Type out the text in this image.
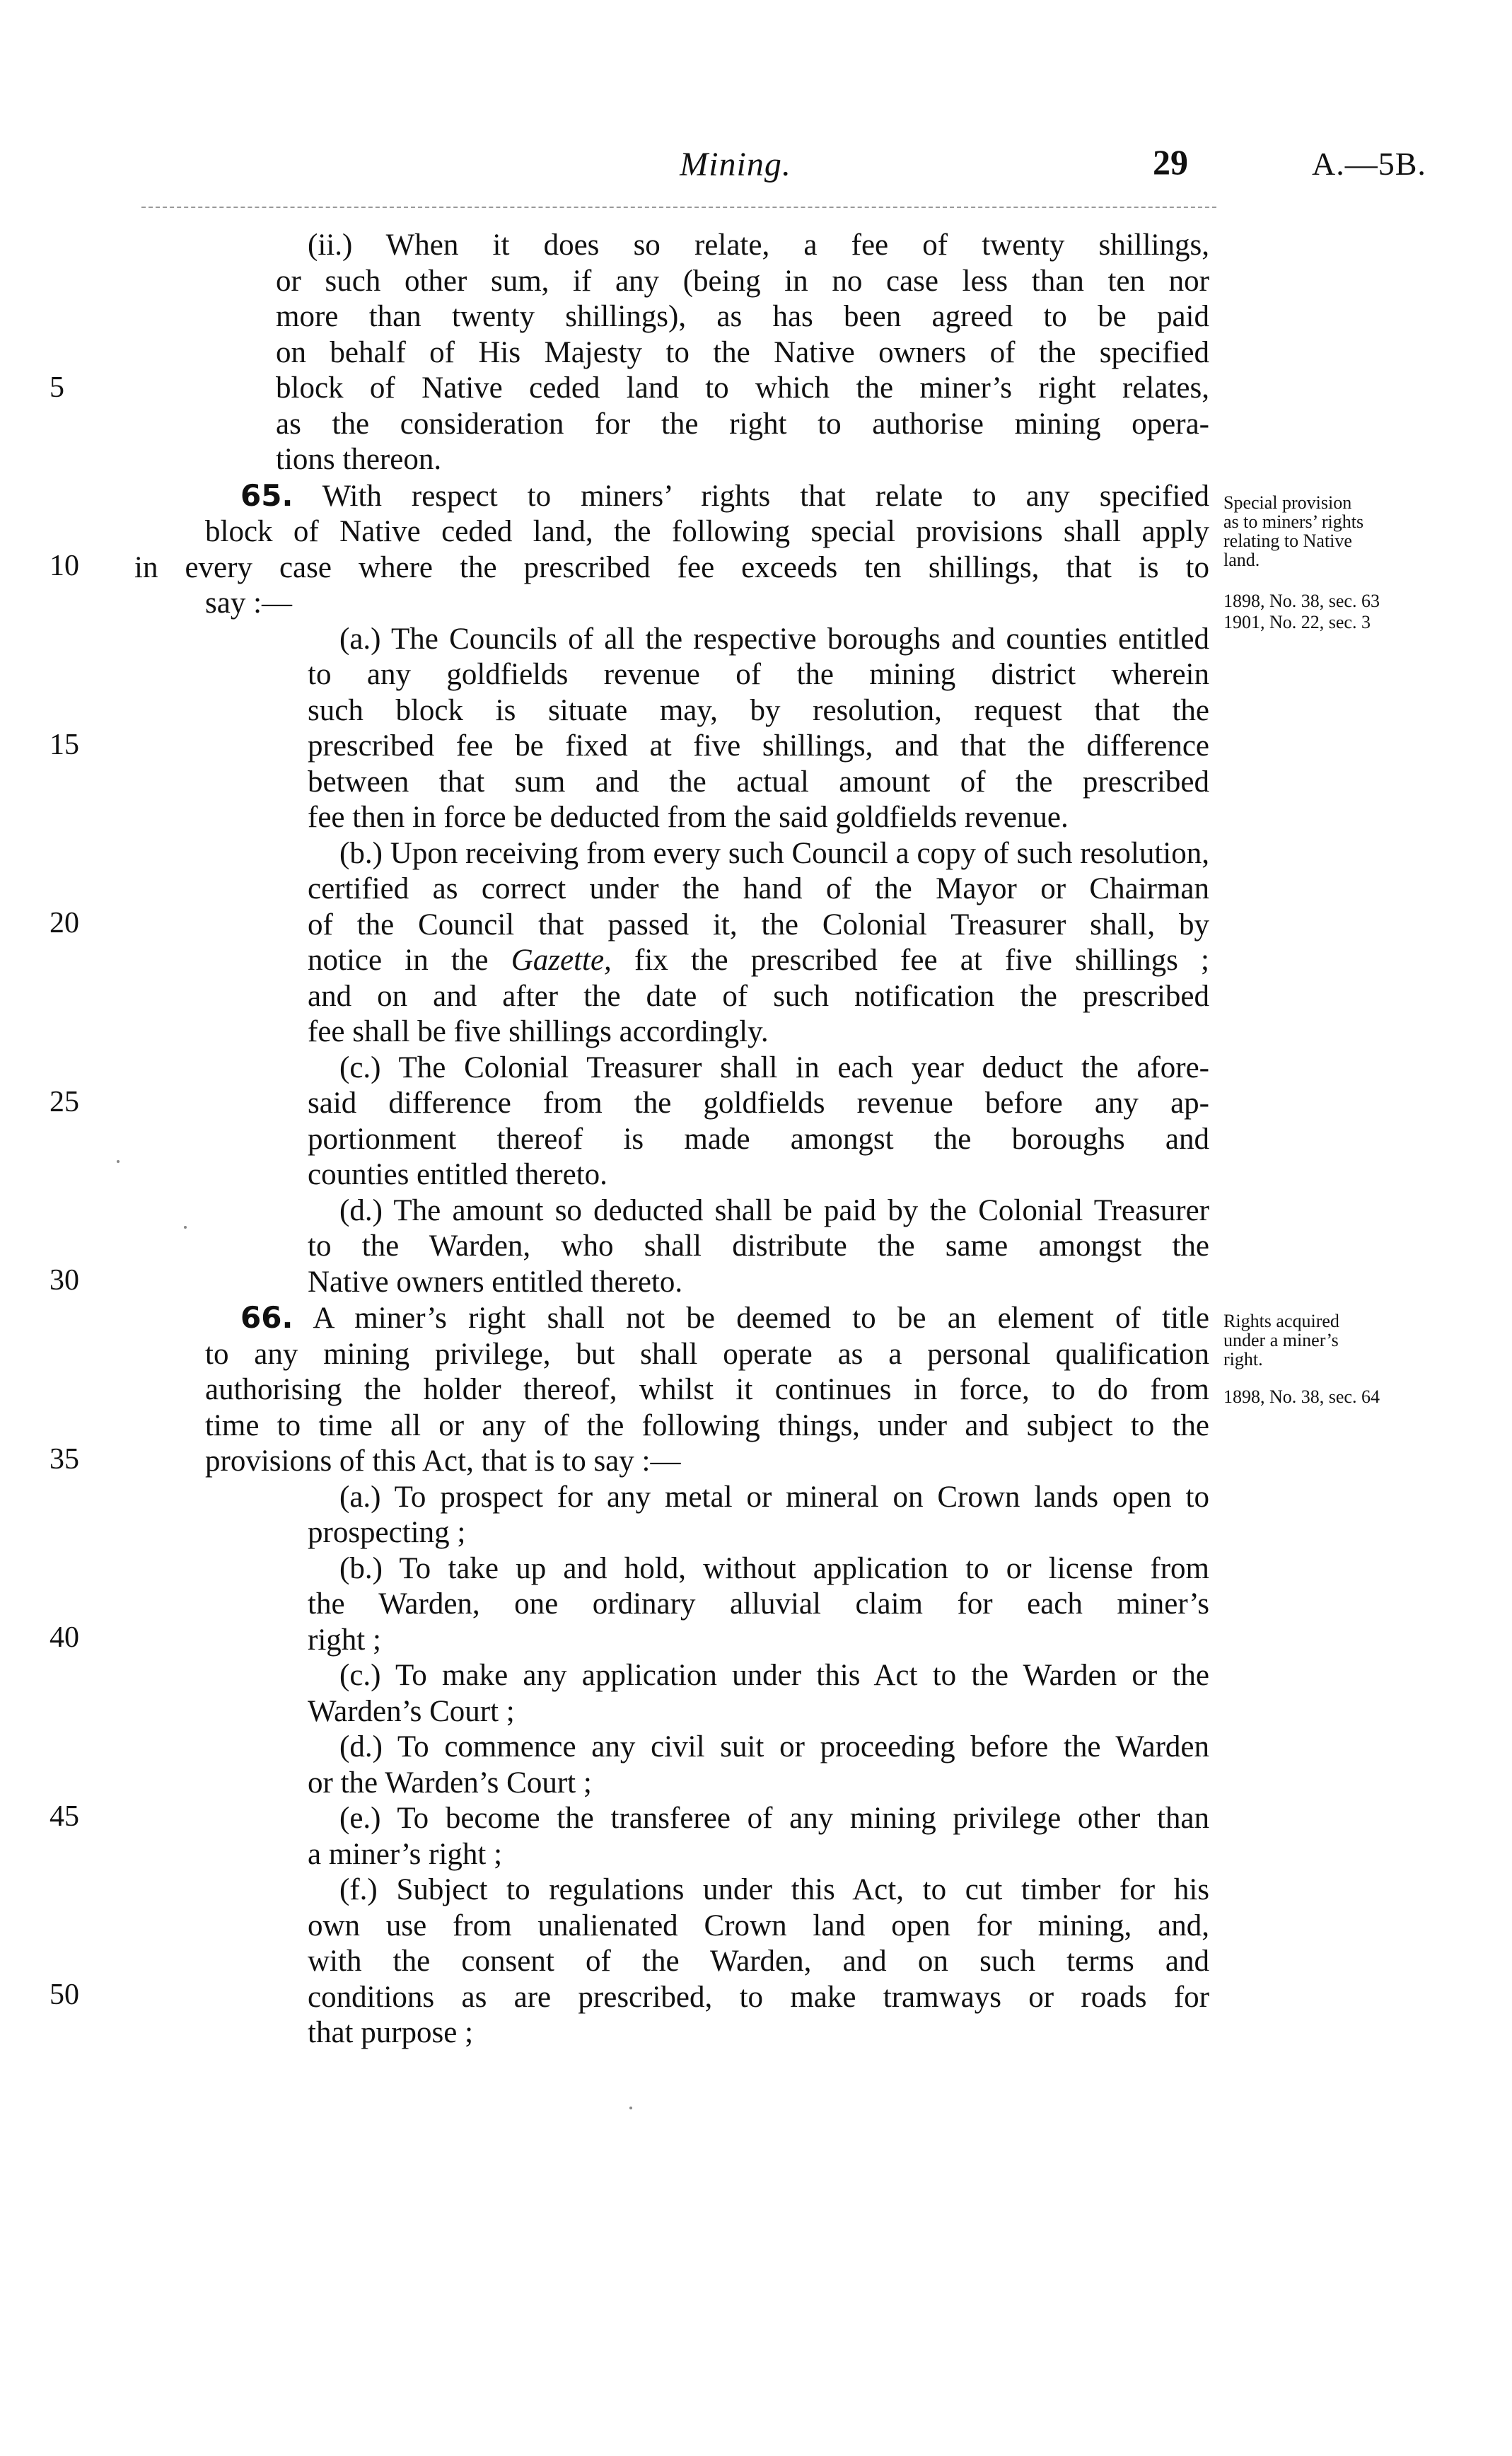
Mining.	29	A.—5B.
(ii.) When it does so relate, a fee of twenty shillings,
or such other sum, if any (being in no case less than ten nor
more than twenty shillings), as has been agreed to be paid
on behalf of His Majesty to the Native owners of the specified
block of Native ceded land to which the miner’s right relates,
as the consideration for the right to authorise mining opera-
tions thereon.
65. With respect to miners’ rights that relate to any specified
block of Native ceded land, the following special provisions shall apply
in every case where the prescribed fee exceeds ten shillings, that is to
say :—
(a.) The Councils of all the respective boroughs and counties entitled
to any goldfields revenue of the mining district wherein
such block is situate may, by resolution, request that the
prescribed fee be fixed at five shillings, and that the difference
between that sum and the actual amount of the prescribed
fee then in force be deducted from the said goldfields revenue.
(b.) Upon receiving from every such Council a copy of such resolution,
certified as correct under the hand of the Mayor or Chairman
of the Council that passed it, the Colonial Treasurer shall, by
notice in the Gazette, fix the prescribed fee at five shillings ;
and on and after the date of such notification the prescribed
fee shall be five shillings accordingly.
(c.) The Colonial Treasurer shall in each year deduct the afore-
said difference from the goldfields revenue before any ap-
portionment thereof is made amongst the boroughs and
counties entitled thereto.
(d.) The amount so deducted shall be paid by the Colonial Treasurer
to the Warden, who shall distribute the same amongst the
Native owners entitled thereto.
66. A miner’s right shall not be deemed to be an element of title
to any mining privilege, but shall operate as a personal qualification
authorising the holder thereof, whilst it continues in force, to do from
time to time all or any of the following things, under and subject to the
provisions of this Act, that is to say :—
(a.) To prospect for any metal or mineral on Crown lands open to
prospecting ;
(b.) To take up and hold, without application to or license from
the Warden, one ordinary alluvial claim for each miner’s
right ;
(c.) To make any application under this Act to the Warden or the
Warden’s Court ;
(d.) To commence any civil suit or proceeding before the Warden
or the Warden’s Court ;
(e.) To become the transferee of any mining privilege other than
a miner’s right ;
(f.) Subject to regulations under this Act, to cut timber for his
own use from unalienated Crown land open for mining, and,
with the consent of the Warden, and on such terms and
conditions as are prescribed, to make tramways or roads for
that purpose ;
5
10
15
20
25
30
35
40
45
50
Special provision
as to miners’ rights
relating to Native
land.
1898, No. 38, sec. 63
1901, No. 22, sec. 3
Rights acquired
under a miner’s
right.
1898, No. 38, sec. 64
